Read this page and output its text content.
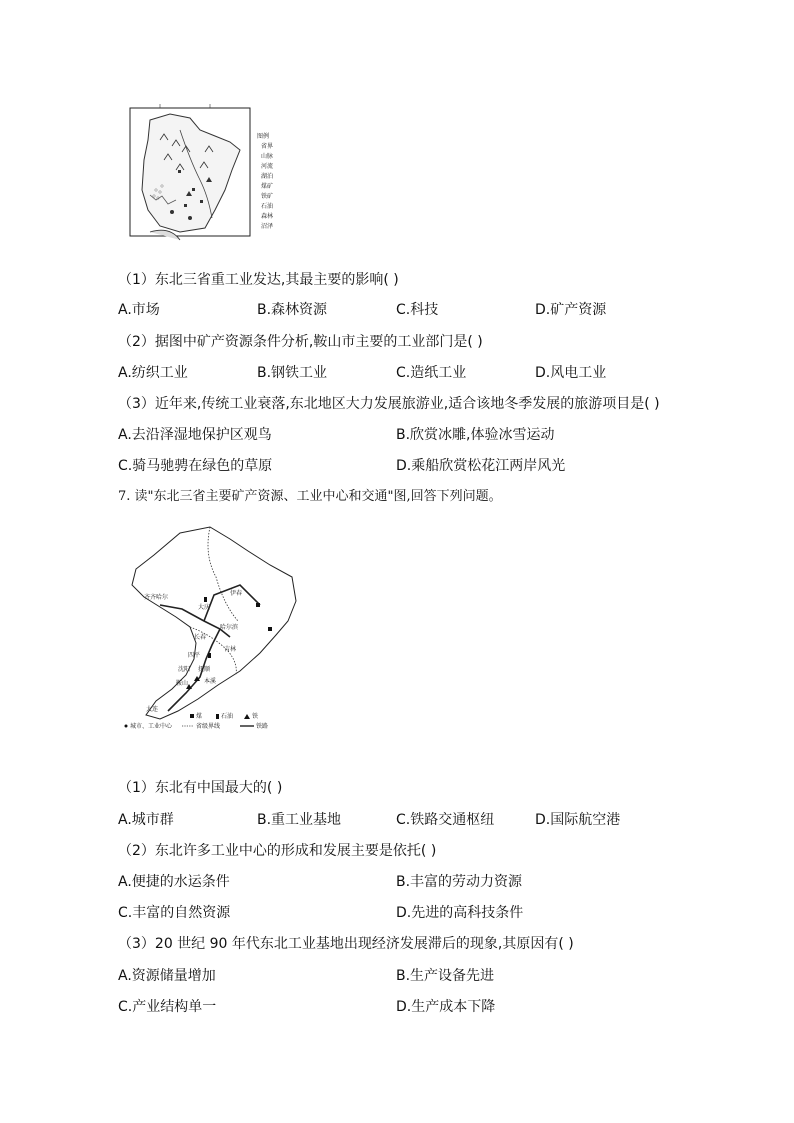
图例
省界
山脉
河流
湖泊
煤矿
铁矿
石油
森林
沼泽
（1）东北三省重工业发达,其最主要的影响( )
A.市场	B.森林资源	C.科技	D.矿产资源
（2）据图中矿产资源条件分析,鞍山市主要的工业部门是( )
A.纺织工业	B.钢铁工业	C.造纸工业	D.风电工业
（3）近年来,传统工业衰落,东北地区大力发展旅游业,适合该地冬季发展的旅游项目是( )
A.去沿泽湿地保护区观鸟	B.欣赏冰雕,体验冰雪运动
C.骑马驰骋在绿色的草原	D.乘船欣赏松花江两岸风光
7. 读"东北三省主要矿产资源、工业中心和交通"图,回答下列问题。
齐齐哈尔
伊春
大庆
哈尔滨
长春
吉林
四平
沈阳 抚顺
本溪
鞍山
大连
城市、工业中心
煤	石油	铁
省级界线	铁路
（1）东北有中国最大的( )
A.城市群	B.重工业基地	C.铁路交通枢纽	D.国际航空港
（2）东北许多工业中心的形成和发展主要是依托( )
A.便捷的水运条件	B.丰富的劳动力资源
C.丰富的自然资源	D.先进的高科技条件
（3）20 世纪 90 年代东北工业基地出现经济发展滞后的现象,其原因有( )
A.资源储量增加	B.生产设备先进
C.产业结构单一	D.生产成本下降
